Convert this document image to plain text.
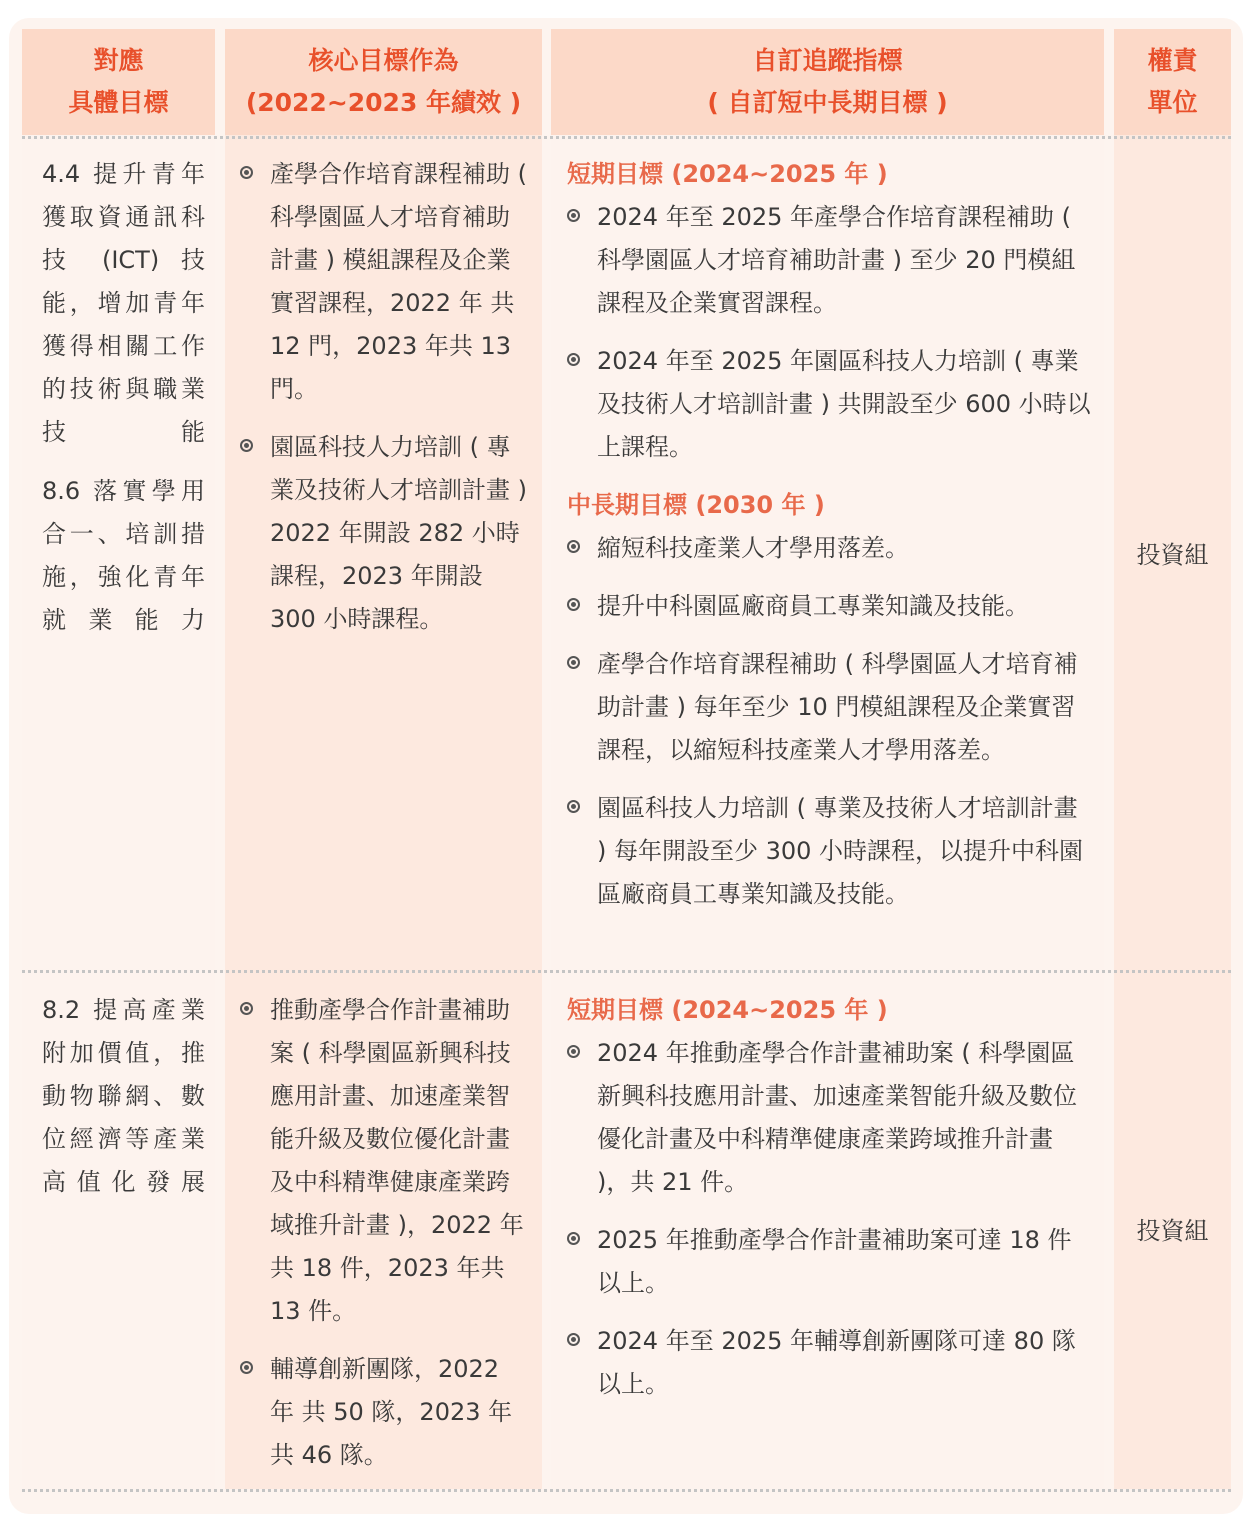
對應
具體目標
核心目標作為
(2022~2023 年績效 )
自訂追蹤指標
( 自訂短中長期目標 )
權責
單位

4.4 提升青年獲取資通訊科技 (ICT) 技能，增加青年獲得相關工作的技術與職業技能

8.6 落實學用合一、培訓措施，強化青年就業能力

產學合作培育課程補助 ( 科學園區人才培育補助計畫 ) 模組課程及企業實習課程，2022 年 共 12 門，2023 年共 13 門。
園區科技人力培訓 ( 專業及技術人才培訓計畫 ) 2022 年開設 282 小時課程，2023 年開設 300 小時課程。

短期目標 (2024~2025 年 )

2024 年至 2025 年產學合作培育課程補助 ( 科學園區人才培育補助計畫 ) 至少 20 門模組課程及企業實習課程。
2024 年至 2025 年園區科技人力培訓 ( 專業及技術人才培訓計畫 ) 共開設至少 600 小時以上課程。

中長期目標 (2030 年 )

縮短科技產業人才學用落差。
提升中科園區廠商員工專業知識及技能。
產學合作培育課程補助 ( 科學園區人才培育補助計畫 ) 每年至少 10 門模組課程及企業實習課程，以縮短科技產業人才學用落差。
園區科技人力培訓 ( 專業及技術人才培訓計畫 ) 每年開設至少 300 小時課程，以提升中科園區廠商員工專業知識及技能。
投資組

8.2 提高產業附加價值，推動物聯網、數位經濟等產業高值化發展

推動產學合作計畫補助案 ( 科學園區新興科技應用計畫、加速產業智能升級及數位優化計畫及中科精準健康產業跨域推升計畫 )，2022 年 共 18 件，2023 年共 13 件。
輔導創新團隊，2022 年 共 50 隊，2023 年共 46 隊。

短期目標 (2024~2025 年 )

2024 年推動產學合作計畫補助案 ( 科學園區新興科技應用計畫、加速產業智能升級及數位優化計畫及中科精準健康產業跨域推升計畫 )，共 21 件。
2025 年推動產學合作計畫補助案可達 18 件以上。
2024 年至 2025 年輔導創新團隊可達 80 隊以上。
投資組
